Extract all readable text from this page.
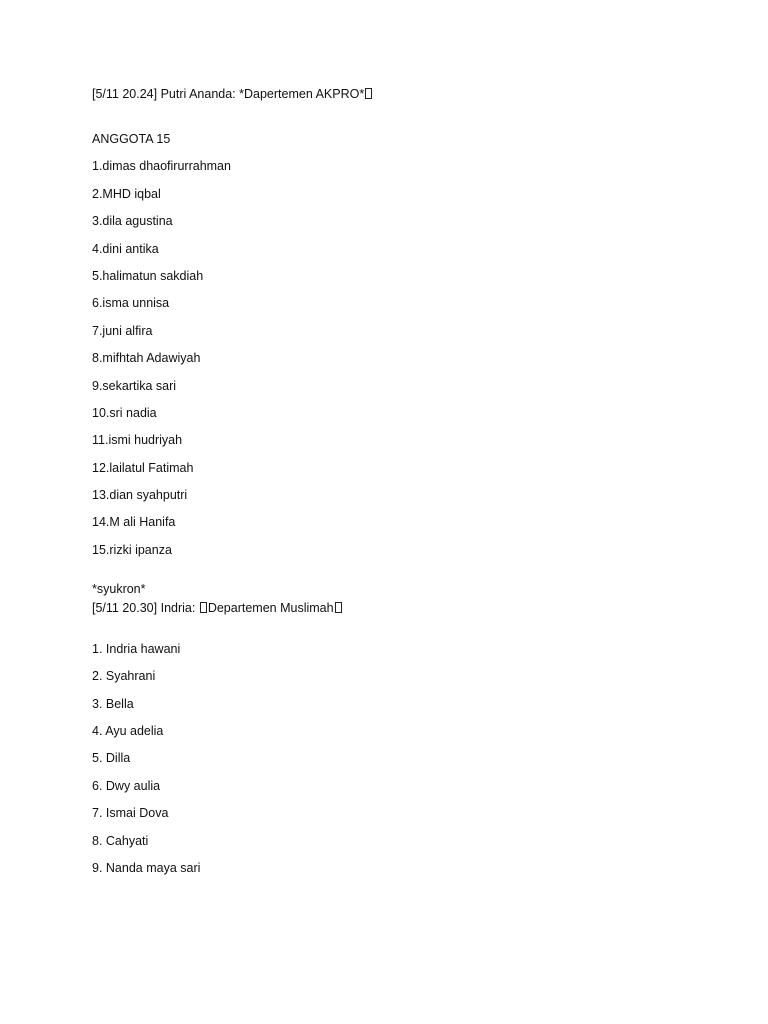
[5/11 20.24] Putri Ananda: *Dapertemen AKPRO*

ANGGOTA 15

1.dimas dhaofirurrahman

2.MHD iqbal

3.dila agustina

4.dini antika

5.halimatun sakdiah

6.isma unnisa

7.juni alfira

8.mifhtah Adawiyah

9.sekartika sari

10.sri nadia

11.ismi hudriyah

12.lailatul Fatimah

13.dian syahputri

14.M ali Hanifa

15.rizki ipanza

*syukron*

[5/11 20.30] Indria: Departemen Muslimah

1. Indria hawani

2. Syahrani

3. Bella

4. Ayu adelia

5. Dilla

6. Dwy aulia

7. Ismai Dova

8. Cahyati

9. Nanda maya sari
